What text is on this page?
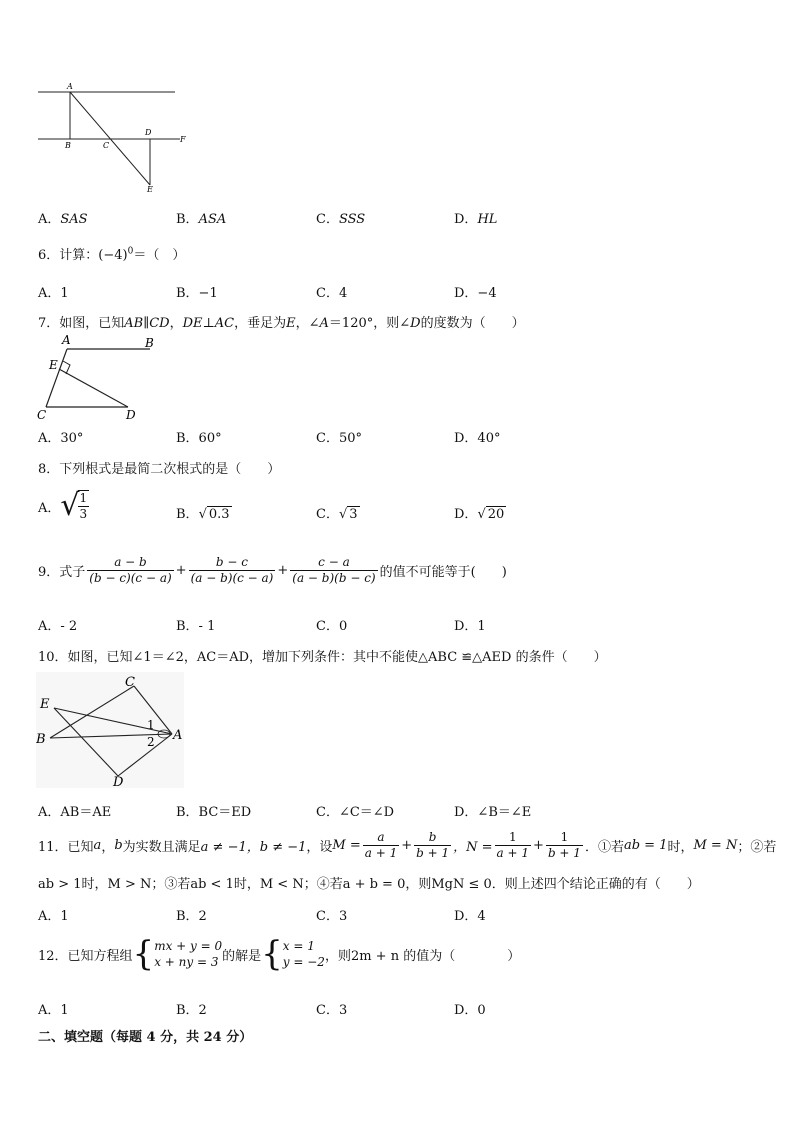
A
B	C
D
F
E
A．SAS	B．ASA	C．SSS	D．HL
6．计算：$(-4)^0=$（　）
A．1	B．−1	C．4	D．−4
7．如图，已知AB∥CD，DE⊥AC，垂足为E，∠A＝120°，则∠D的度数为（　　）
A	B
E
C	D
A．30°	B．60°	C．50°	D．40°
8．下列根式是最简二次根式的是（　　）
A． √
$\frac{1}{3}$	B．√ 0.3	C．√ 3	D．√ 20
9．式子 $\frac{a - b}{(b - c)(c - a)} + \frac{b - c}{(a - b)(c - a)} + \frac{c - a}{(a - b)(b - c)}$ 的值不可能等于(　　)
A．- 2	B．- 1	C．0	D．1
10．如图，已知∠1＝∠2，AC＝AD，增加下列条件：其中不能使△ABC ≌△AED 的条件（　　）
C
E
B	A
D
1
2
A．AB＝AE	B．BC＝ED	C．∠C＝∠D	D．∠B＝∠E
11．已知 a ， b 为实数且满足 a ≠ −1，b ≠ −1 ，设 $M = \frac{a}{a + 1} + \frac{b}{b + 1}$ ，$N = \frac{1}{a + 1} + \frac{1}{b + 1}$ ．①若 ab = 1 时， M = N ；②若
ab > 1时，M > N；③若ab < 1时，M < N；④若a + b = 0，则MgN ≤ 0．则上述四个结论正确的有（　　）
A．1	B．2	C．3	D．4
12．已知方程组 { mx + y = 0
x + ny = 3 的解是 { x = 1
y = −2 ，则2m + n 的值为（　　　　）
A．1	B．2	C．3	D．0
二、填空题（每题 4 分，共 24 分）
